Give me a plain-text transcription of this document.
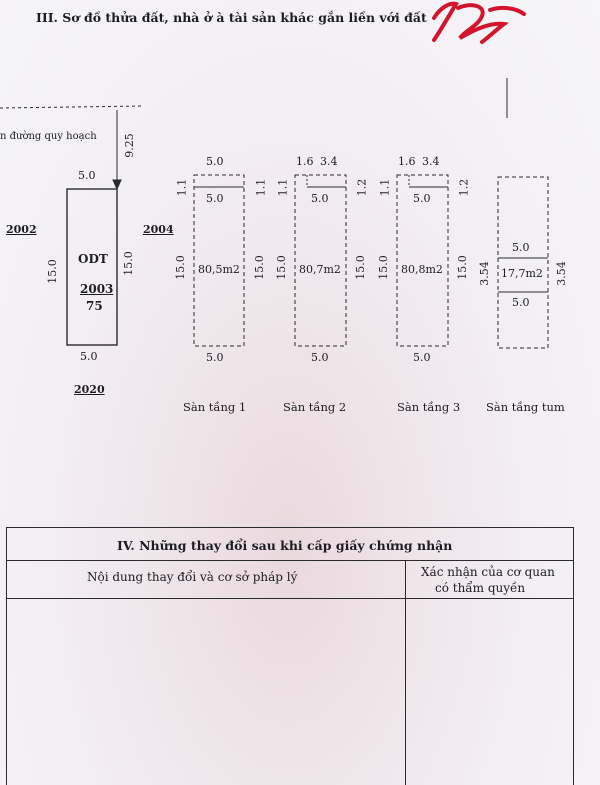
III. Sơ đồ thửa đất, nhà ở à tài sản khác gắn liền với đất
n đường quy hoạch 9.25
5.0
2002	2004
15.0	15.0
ODT
2003
75
5.0
2020
5.0
1.1	1.1
5.0
15.0	15.0
80,5m2
5.0
Sàn tầng 1
1.6 3.4
1.1	1.2
5.0
15.0	15.0
80,7m2
5.0
Sàn tầng 2
1.6 3.4
1.1	1.2
5.0
15.0	15.0
80,8m2
5.0
Sàn tầng 3
5.0
3.54	3.54
17,7m2
5.0
Sàn tầng tum
IV. Những thay đổi sau khi cấp giấy chứng nhận
Nội dung thay đổi và cơ sở pháp lý	Xác nhận của cơ quan
có thẩm quyền
